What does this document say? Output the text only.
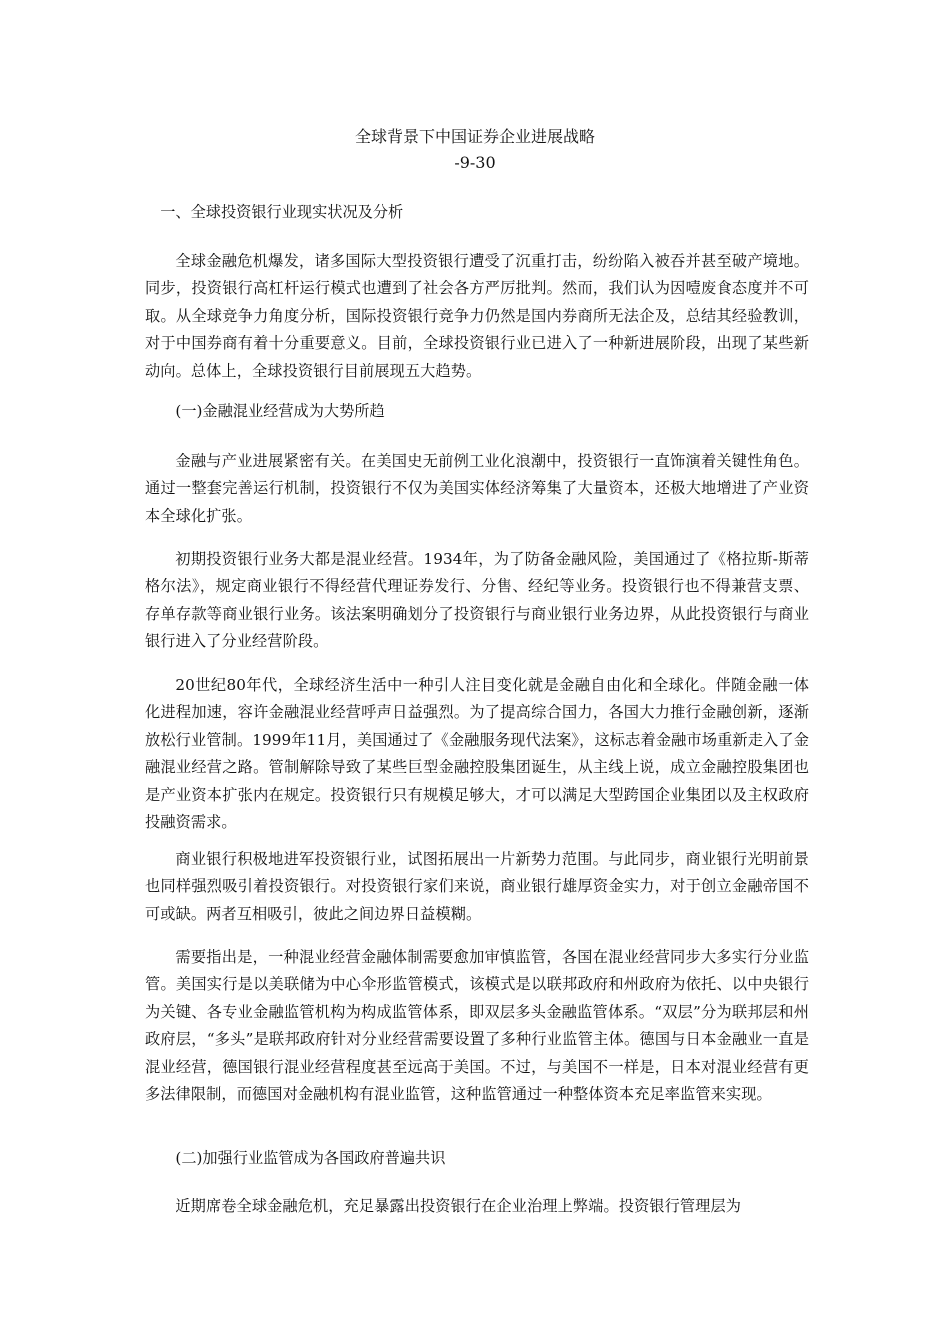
全球背景下中国证券企业进展战略
-9-30
一、全球投资银行业现实状况及分析
全球金融危机爆发，诸多国际大型投资银行遭受了沉重打击，纷纷陷入被吞并甚至破产境地。同步，投资银行高杠杆运行模式也遭到了社会各方严厉批判。然而，我们认为因噎废食态度并不可取。从全球竞争力角度分析，国际投资银行竞争力仍然是国内券商所无法企及，总结其经验教训，对于中国券商有着十分重要意义。目前，全球投资银行业已进入了一种新进展阶段，出现了某些新动向。总体上，全球投资银行目前展现五大趋势。
(一)金融混业经营成为大势所趋
金融与产业进展紧密有关。在美国史无前例工业化浪潮中，投资银行一直饰演着关键性角色。通过一整套完善运行机制，投资银行不仅为美国实体经济筹集了大量资本，还极大地增进了产业资本全球化扩张。
初期投资银行业务大都是混业经营。1934年，为了防备金融风险，美国通过了《格拉斯-斯蒂格尔法》，规定商业银行不得经营代理证券发行、分售、经纪等业务。投资银行也不得兼营支票、存单存款等商业银行业务。该法案明确划分了投资银行与商业银行业务边界，从此投资银行与商业银行进入了分业经营阶段。
20世纪80年代，全球经济生活中一种引人注目变化就是金融自由化和全球化。伴随金融一体化进程加速，容许金融混业经营呼声日益强烈。为了提高综合国力，各国大力推行金融创新，逐渐放松行业管制。1999年11月，美国通过了《金融服务现代法案》，这标志着金融市场重新走入了金融混业经营之路。管制解除导致了某些巨型金融控股集团诞生，从主线上说，成立金融控股集团也是产业资本扩张内在规定。投资银行只有规模足够大，才可以满足大型跨国企业集团以及主权政府投融资需求。
商业银行积极地进军投资银行业，试图拓展出一片新势力范围。与此同步，商业银行光明前景也同样强烈吸引着投资银行。对投资银行家们来说，商业银行雄厚资金实力，对于创立金融帝国不可或缺。两者互相吸引，彼此之间边界日益模糊。
需要指出是，一种混业经营金融体制需要愈加审慎监管，各国在混业经营同步大多实行分业监管。美国实行是以美联储为中心伞形监管模式，该模式是以联邦政府和州政府为依托、以中央银行为关键、各专业金融监管机构为构成监管体系，即双层多头金融监管体系。“双层”分为联邦层和州政府层，“多头”是联邦政府针对分业经营需要设置了多种行业监管主体。德国与日本金融业一直是混业经营，德国银行混业经营程度甚至远高于美国。不过，与美国不一样是，日本对混业经营有更多法律限制，而德国对金融机构有混业监管，这种监管通过一种整体资本充足率监管来实现。
(二)加强行业监管成为各国政府普遍共识
近期席卷全球金融危机，充足暴露出投资银行在企业治理上弊端。投资银行管理层为
